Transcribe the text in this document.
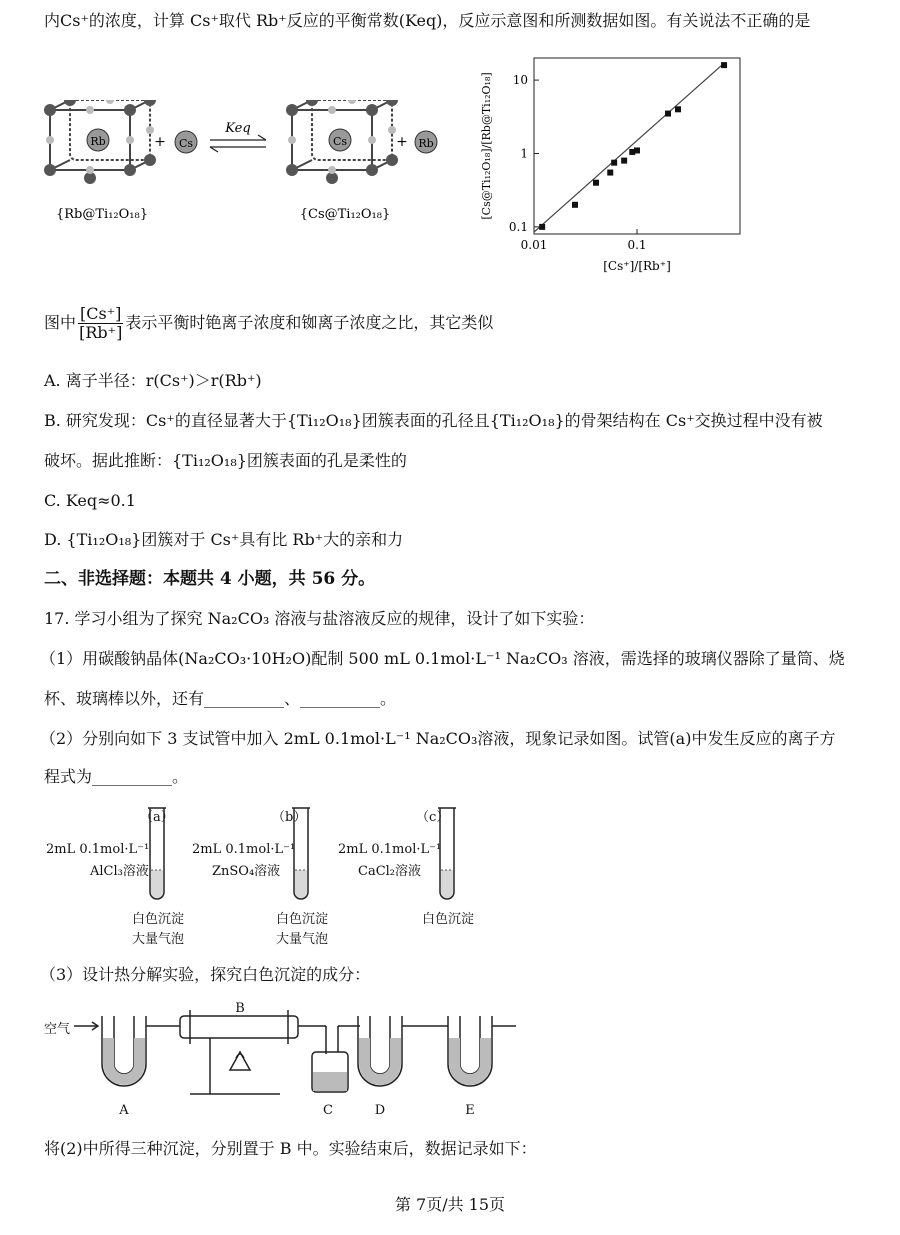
内Cs⁺的浓度，计算 Cs⁺取代 Rb⁺反应的平衡常数(Keq)，反应示意图和所测数据如图。有关说法不正确的是
Rb	+ Cs
Keq
Cs	+ Rb
{Rb@Ti₁₂O₁₈}	{Cs@Ti₁₂O₁₈}
0.01	0.1
0.1
1
10
[Cs⁺]/[Rb⁺]
[Cs@Ti₁₂O₁₈]/[Rb@Ti₁₂O₁₈]
图中 $\frac{[Cs^+]}{[Rb^+]}$ 表示平衡时铯离子浓度和铷离子浓度之比，其它类似
A. 离子半径：r(Cs⁺)＞r(Rb⁺)
B. 研究发现：Cs⁺的直径显著大于{Ti₁₂O₁₈}团簇表面的孔径且{Ti₁₂O₁₈}的骨架结构在 Cs⁺交换过程中没有被
破坏。据此推断：{Ti₁₂O₁₈}团簇表面的孔是柔性的
C. Keq≈0.1
D. {Ti₁₂O₁₈}团簇对于 Cs⁺具有比 Rb⁺大的亲和力
二、非选择题：本题共 4 小题，共 56 分。
17. 学习小组为了探究 Na₂CO₃ 溶液与盐溶液反应的规律，设计了如下实验：
（1）用碳酸钠晶体(Na₂CO₃·10H₂O)配制 500 mL 0.1mol·L⁻¹ Na₂CO₃ 溶液，需选择的玻璃仪器除了量筒、烧
杯、玻璃棒以外，还有__________、__________。
（2）分别向如下 3 支试管中加入 2mL 0.1mol·L⁻¹ Na₂CO₃溶液，现象记录如图。试管(a)中发生反应的离子方
程式为__________。
（a）
2mL 0.1mol·L⁻¹
AlCl₃溶液
白色沉淀
大量气泡
（b）
2mL 0.1mol·L⁻¹
ZnSO₄溶液
白色沉淀
大量气泡
（c）
2mL 0.1mol·L⁻¹
CaCl₂溶液
白色沉淀
（3）设计热分解实验，探究白色沉淀的成分：
空气
A
B
C	D	E
将(2)中所得三种沉淀，分别置于 B 中。实验结束后，数据记录如下：
第 7页/共 15页
